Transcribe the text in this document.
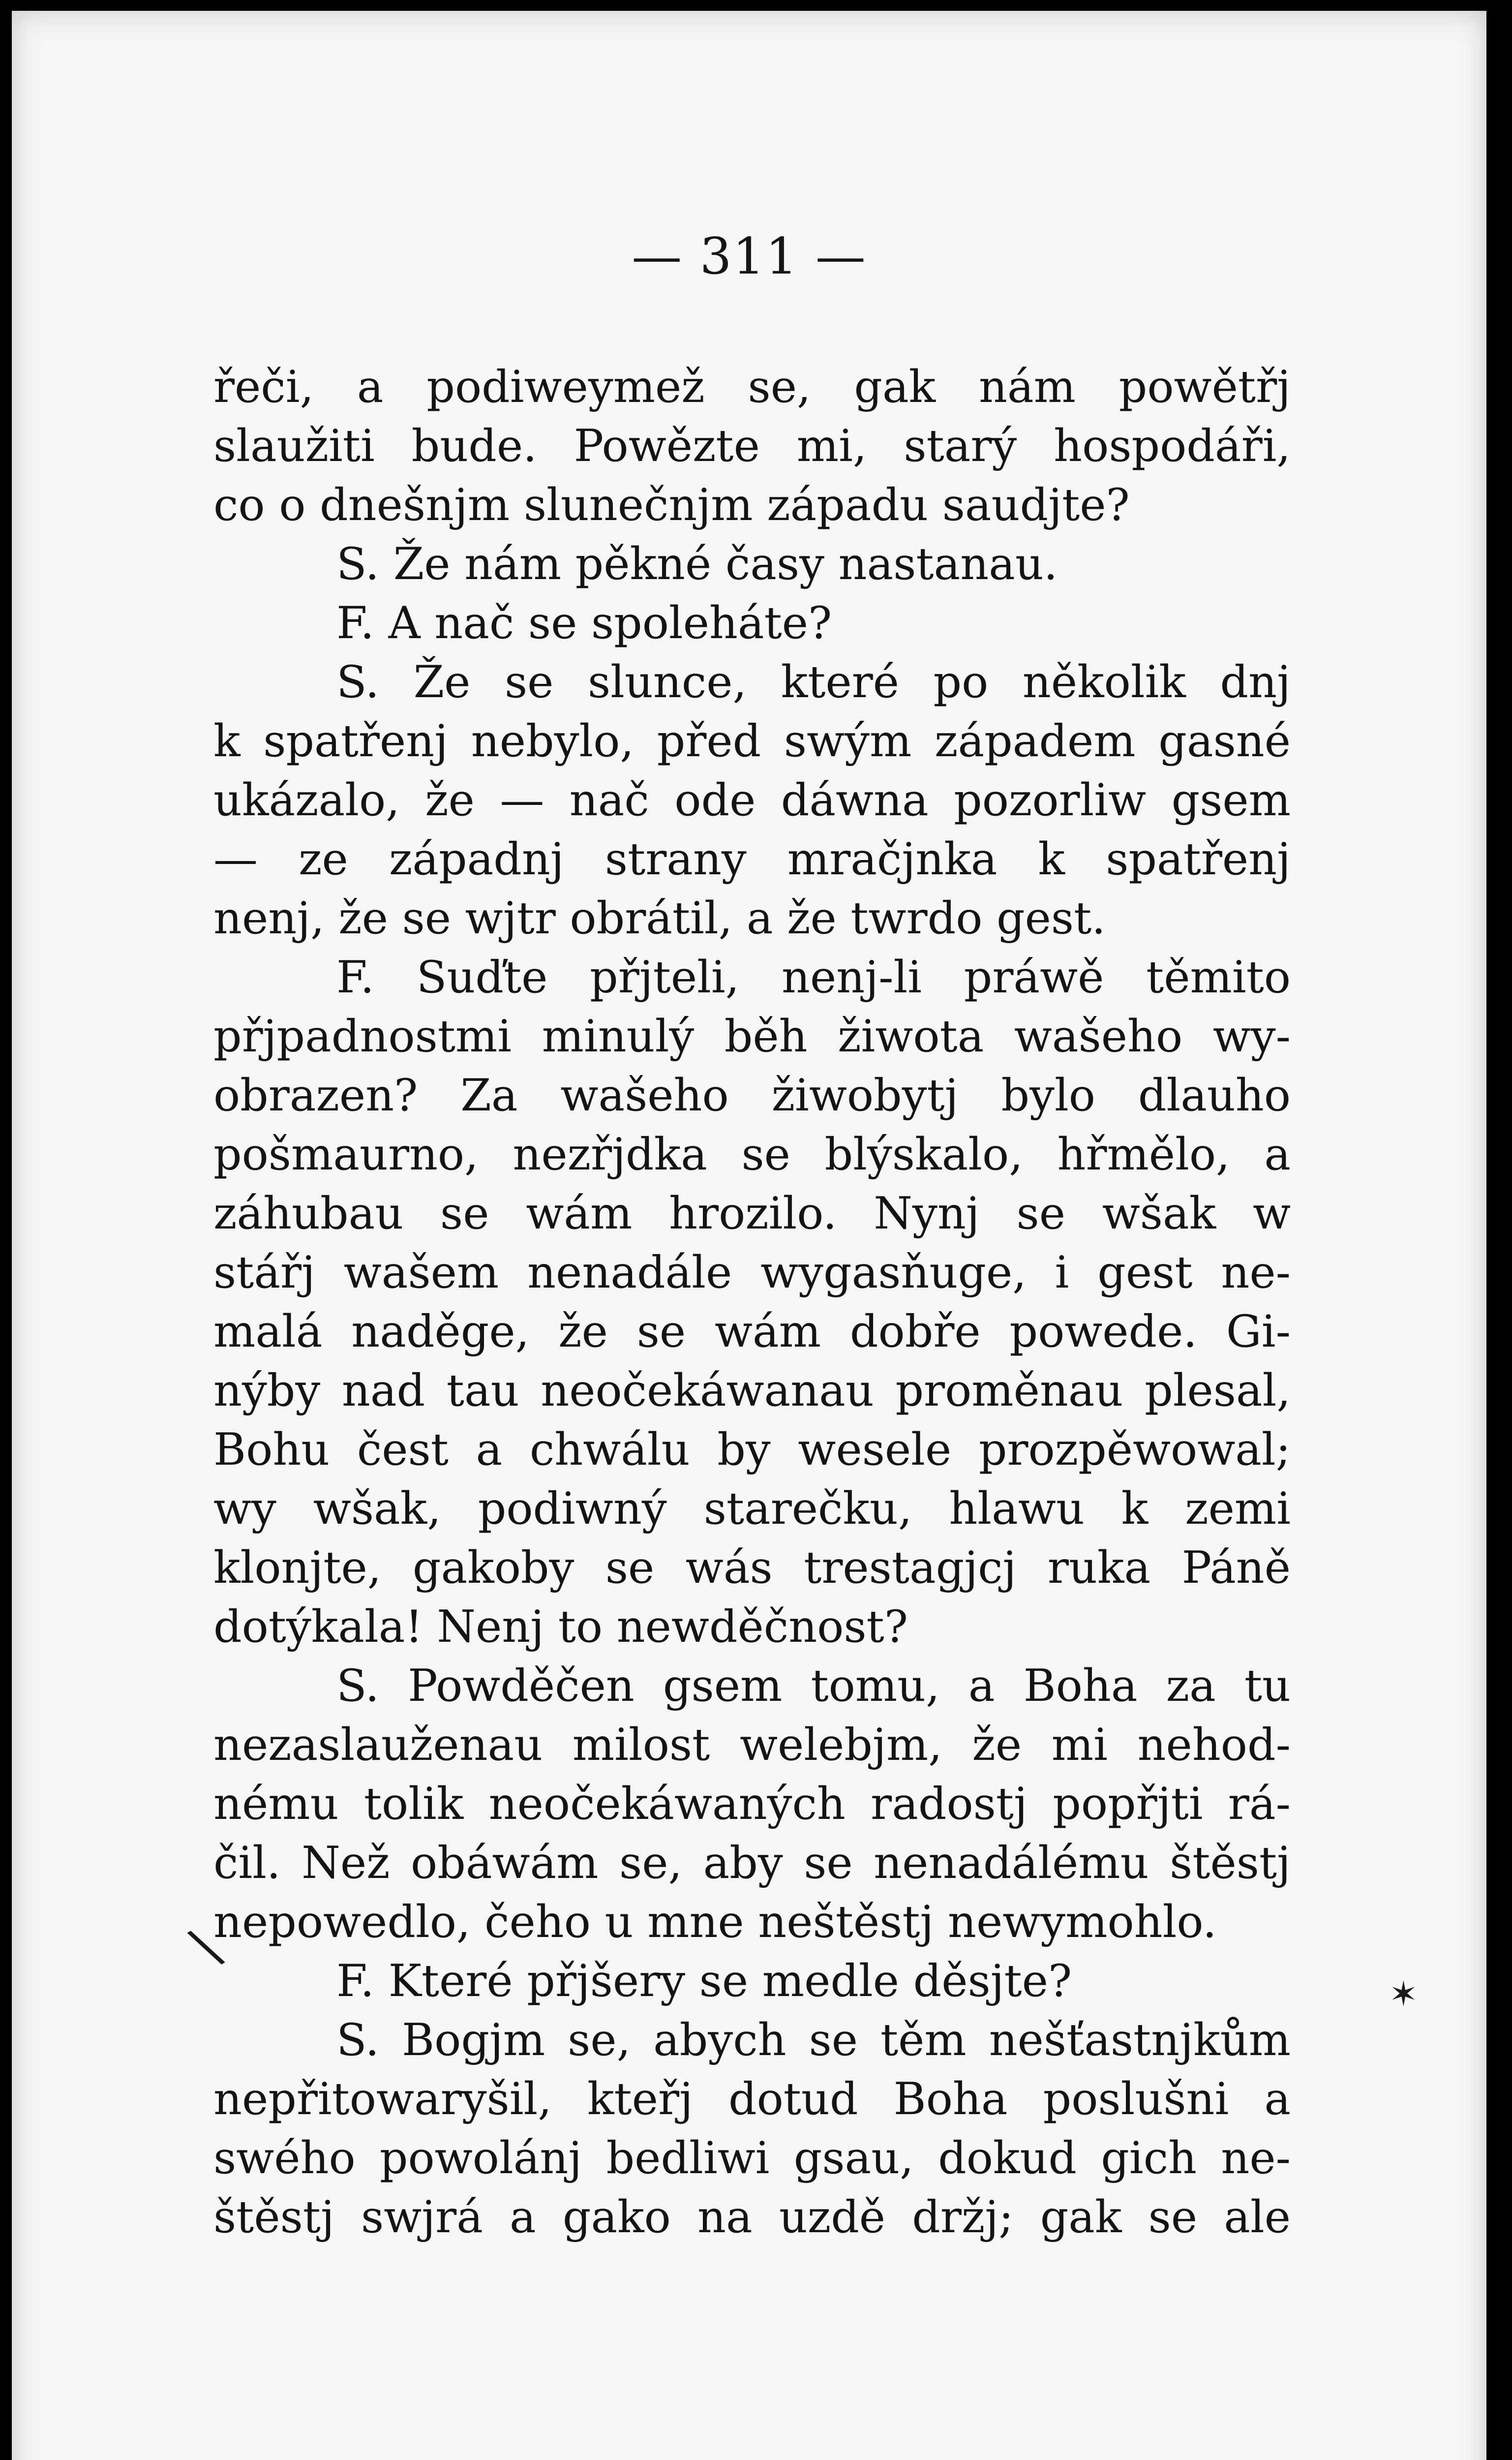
— 311 —
řeči, a podiweymež se, gak nám powětřj
slaužiti bude. Powězte mi, starý hospodáři,
co o dnešnjm slunečnjm západu saudjte?
S. Že nám pěkné časy nastanau.
F. A nač se spoleháte?
S. Že se slunce, které po několik dnj
k spatřenj nebylo, před swým západem gasné
ukázalo, že — nač ode dáwna pozorliw gsem
— ze západnj strany mračjnka k spatřenj
nenj, že se wjtr obrátil, a že twrdo gest.
F. Suďte přjteli, nenj-li práwě těmito
přjpadnostmi minulý běh žiwota wašeho wy-
obrazen? Za wašeho žiwobytj bylo dlauho
pošmaurno, nezřjdka se blýskalo, hřmělo, a
záhubau se wám hrozilo. Nynj se wšak w
stářj wašem nenadále wygasňuge, i gest ne-
malá naděge, že se wám dobře powede. Gi-
nýby nad tau neočekáwanau proměnau plesal,
Bohu čest a chwálu by wesele prozpěwowal;
wy wšak, podiwný starečku, hlawu k zemi
klonjte, gakoby se wás trestagjcj ruka Páně
dotýkala! Nenj to newděčnost?
S. Powděčen gsem tomu, a Boha za tu
nezaslauženau milost welebjm, že mi nehod-
nému tolik neočekáwaných radostj popřjti rá-
čil. Než obáwám se, aby se nenadálému štěstj
nepowedlo, čeho u mne neštěstj newymohlo.
F. Které přjšery se medle děsjte?
S. Bogjm se, abych se těm nešťastnjkům
nepřitowaryšil, kteřj dotud Boha poslušni a
swého powolánj bedliwi gsau, dokud gich ne-
štěstj swjrá a gako na uzdě držj; gak se ale
\
✶
